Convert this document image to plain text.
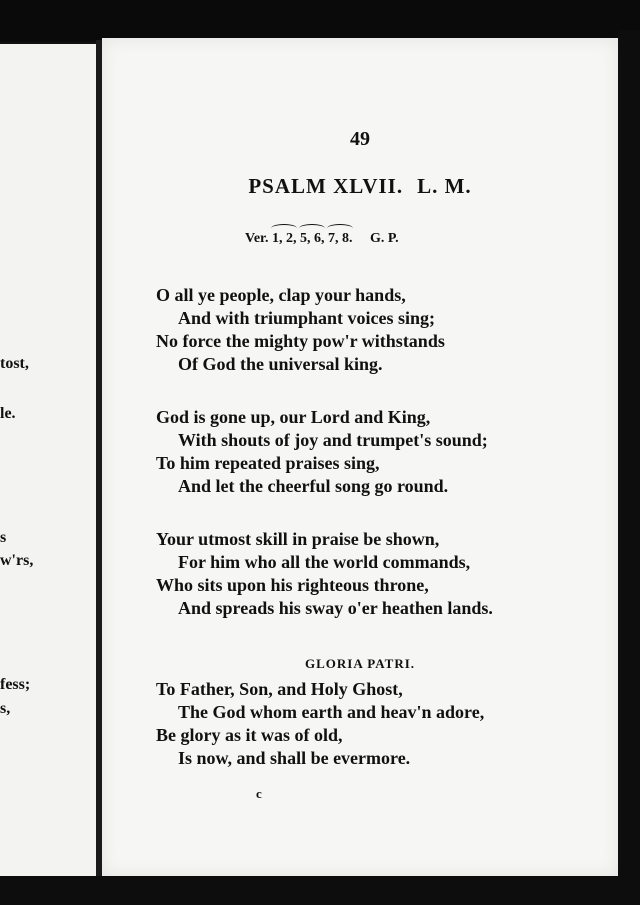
tost,
le.
s
w'rs,
fess;
s,
49
PSALM XLVII. L. M.
Ver. 1, 2, 5, 6, 7, 8. G. P.
O all ye people, clap your hands,
And with triumphant voices sing;
No force the mighty pow'r withstands
Of God the universal king.
God is gone up, our Lord and King,
With shouts of joy and trumpet's sound;
To him repeated praises sing,
And let the cheerful song go round.
Your utmost skill in praise be shown,
For him who all the world commands,
Who sits upon his righteous throne,
And spreads his sway o'er heathen lands.
GLORIA PATRI.
To Father, Son, and Holy Ghost,
The God whom earth and heav'n adore,
Be glory as it was of old,
Is now, and shall be evermore.
c
